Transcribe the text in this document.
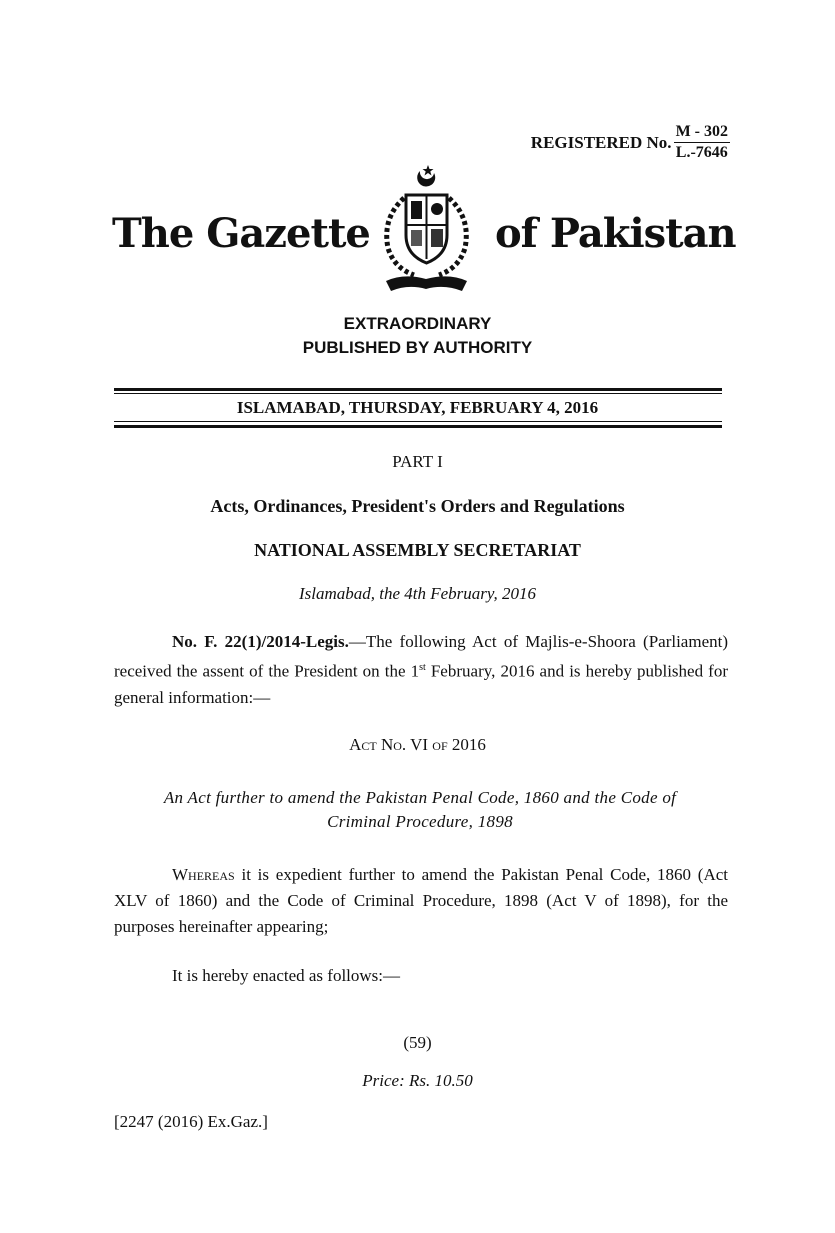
REGISTERED No. $\frac{M - 302}{L.-7646}$
The Gazette	of Pakistan
EXTRAORDINARY
PUBLISHED BY AUTHORITY
ISLAMABAD, THURSDAY, FEBRUARY 4, 2016
PART I
Acts, Ordinances, President's Orders and Regulations
NATIONAL ASSEMBLY SECRETARIAT
Islamabad, the 4th February, 2016

No. F. 22(1)/2014-Legis.—The following Act of Majlis-e-Shoora (Parliament) received the assent of the President on the 1st February, 2016 and is hereby published for general information:—

Act No. VI of 2016
An Act further to amend the Pakistan Penal Code, 1860 and the Code of Criminal Procedure, 1898

Whereas it is expedient further to amend the Pakistan Penal Code, 1860 (Act XLV of 1860) and the Code of Criminal Procedure, 1898 (Act V of 1898), for the purposes hereinafter appearing;

It is hereby enacted as follows:—
(59)
Price: Rs. 10.50
[2247 (2016) Ex.Gaz.]
